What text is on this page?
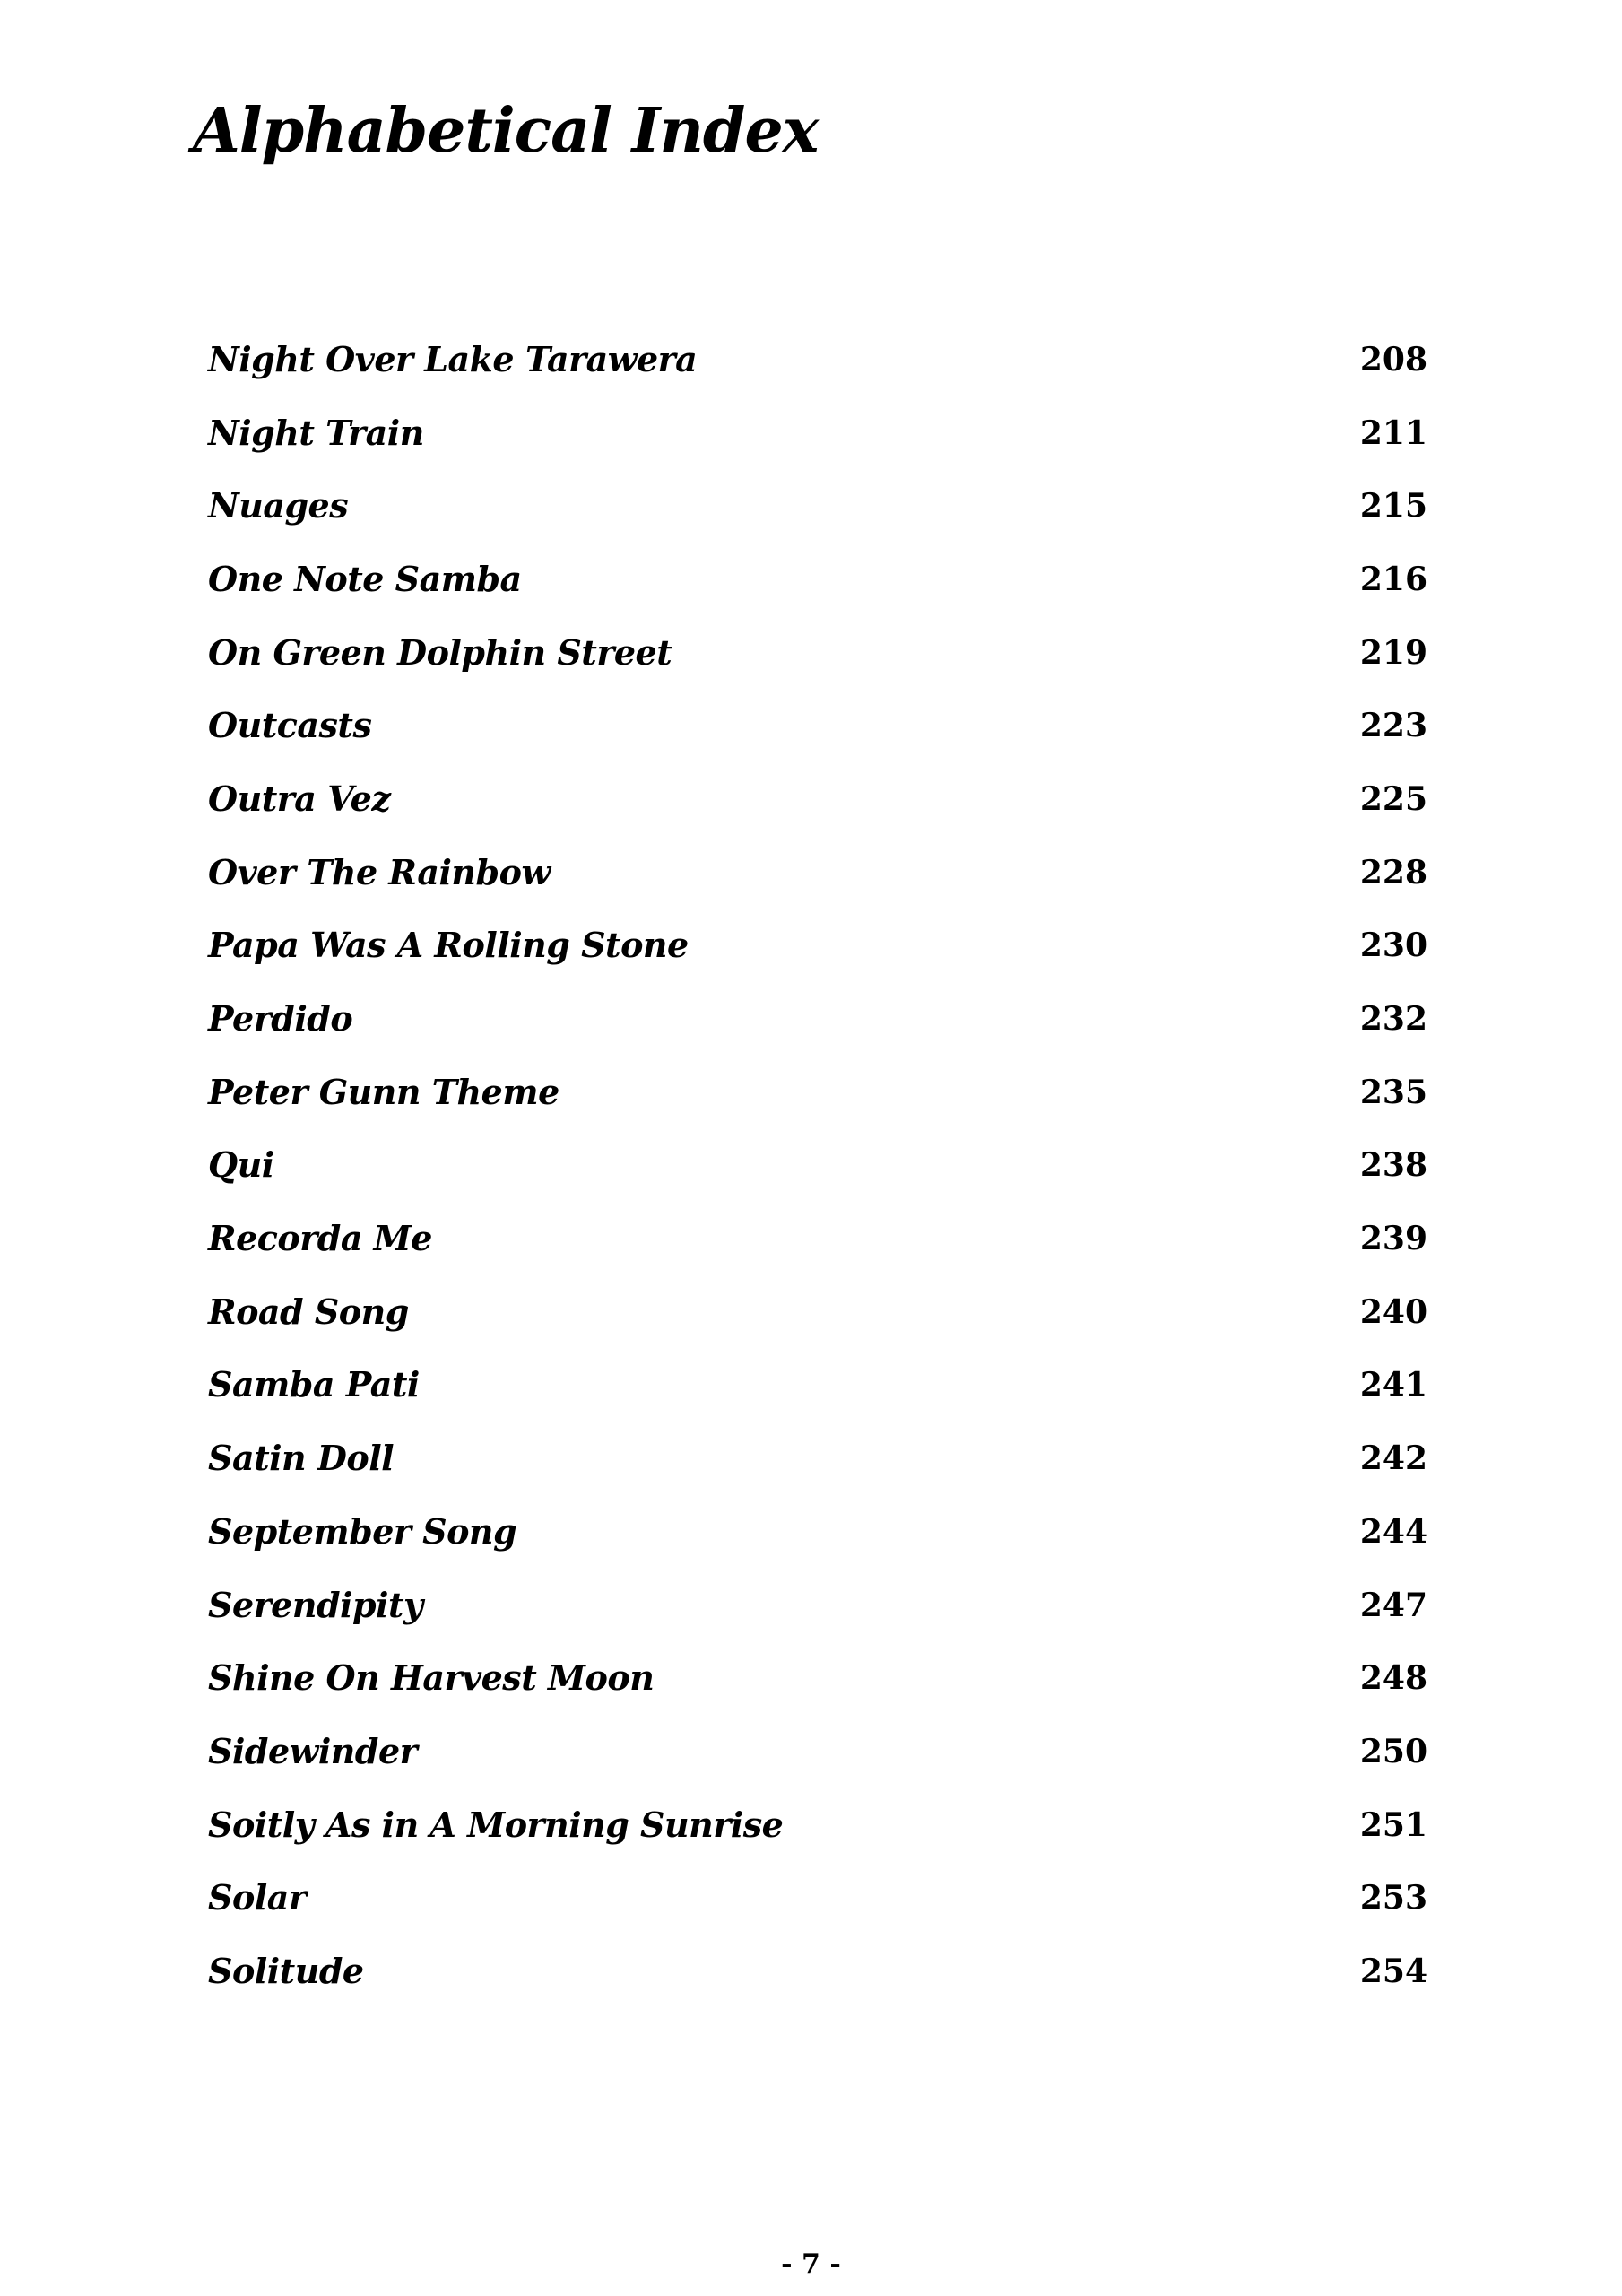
Alphabetical Index
Night Over Lake Tarawera	208
Night Train	211
Nuages	215
One Note Samba	216
On Green Dolphin Street	219
Outcasts	223
Outra Vez	225
Over The Rainbow	228
Papa Was A Rolling Stone	230
Perdido	232
Peter Gunn Theme	235
Qui	238
Recorda Me	239
Road Song	240
Samba Pati	241
Satin Doll	242
September Song	244
Serendipity	247
Shine On Harvest Moon	248
Sidewinder	250
Soitly As in A Morning Sunrise	251
Solar	253
Solitude	254
- 7 -
